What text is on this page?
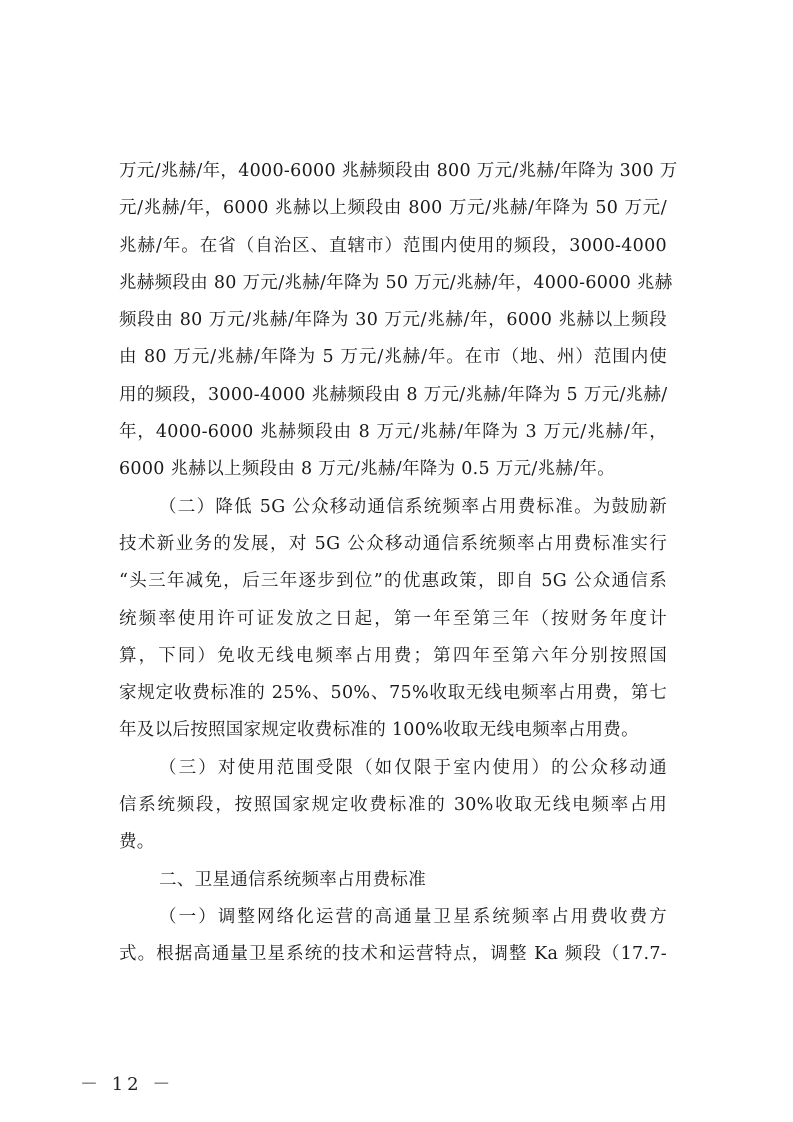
万元/兆赫/年，4000-6000 兆赫频段由 800 万元/兆赫/年降为 300 万
元/兆赫/年，6000 兆赫以上频段由 800 万元/兆赫/年降为 50 万元/
兆赫/年。在省（自治区、直辖市）范围内使用的频段，3000-4000
兆赫频段由 80 万元/兆赫/年降为 50 万元/兆赫/年，4000-6000 兆赫
频段由 80 万元/兆赫/年降为 30 万元/兆赫/年，6000 兆赫以上频段
由 80 万元/兆赫/年降为 5 万元/兆赫/年。在市（地、州）范围内使
用的频段，3000-4000 兆赫频段由 8 万元/兆赫/年降为 5 万元/兆赫/
年，4000-6000 兆赫频段由 8 万元/兆赫/年降为 3 万元/兆赫/年，
6000 兆赫以上频段由 8 万元/兆赫/年降为 0.5 万元/兆赫/年。
（二）降低 5G 公众移动通信系统频率占用费标准。为鼓励新
技术新业务的发展，对 5G 公众移动通信系统频率占用费标准实行
“头三年减免，后三年逐步到位”的优惠政策，即自 5G 公众通信系
统频率使用许可证发放之日起，第一年至第三年（按财务年度计
算，下同）免收无线电频率占用费；第四年至第六年分别按照国
家规定收费标准的 25%、50%、75%收取无线电频率占用费，第七
年及以后按照国家规定收费标准的 100%收取无线电频率占用费。
（三）对使用范围受限（如仅限于室内使用）的公众移动通
信系统频段，按照国家规定收费标准的 30%收取无线电频率占用
费。
二、卫星通信系统频率占用费标准
（一）调整网络化运营的高通量卫星系统频率占用费收费方
式。根据高通量卫星系统的技术和运营特点，调整 Ka 频段（17.7-
－ 12 －
